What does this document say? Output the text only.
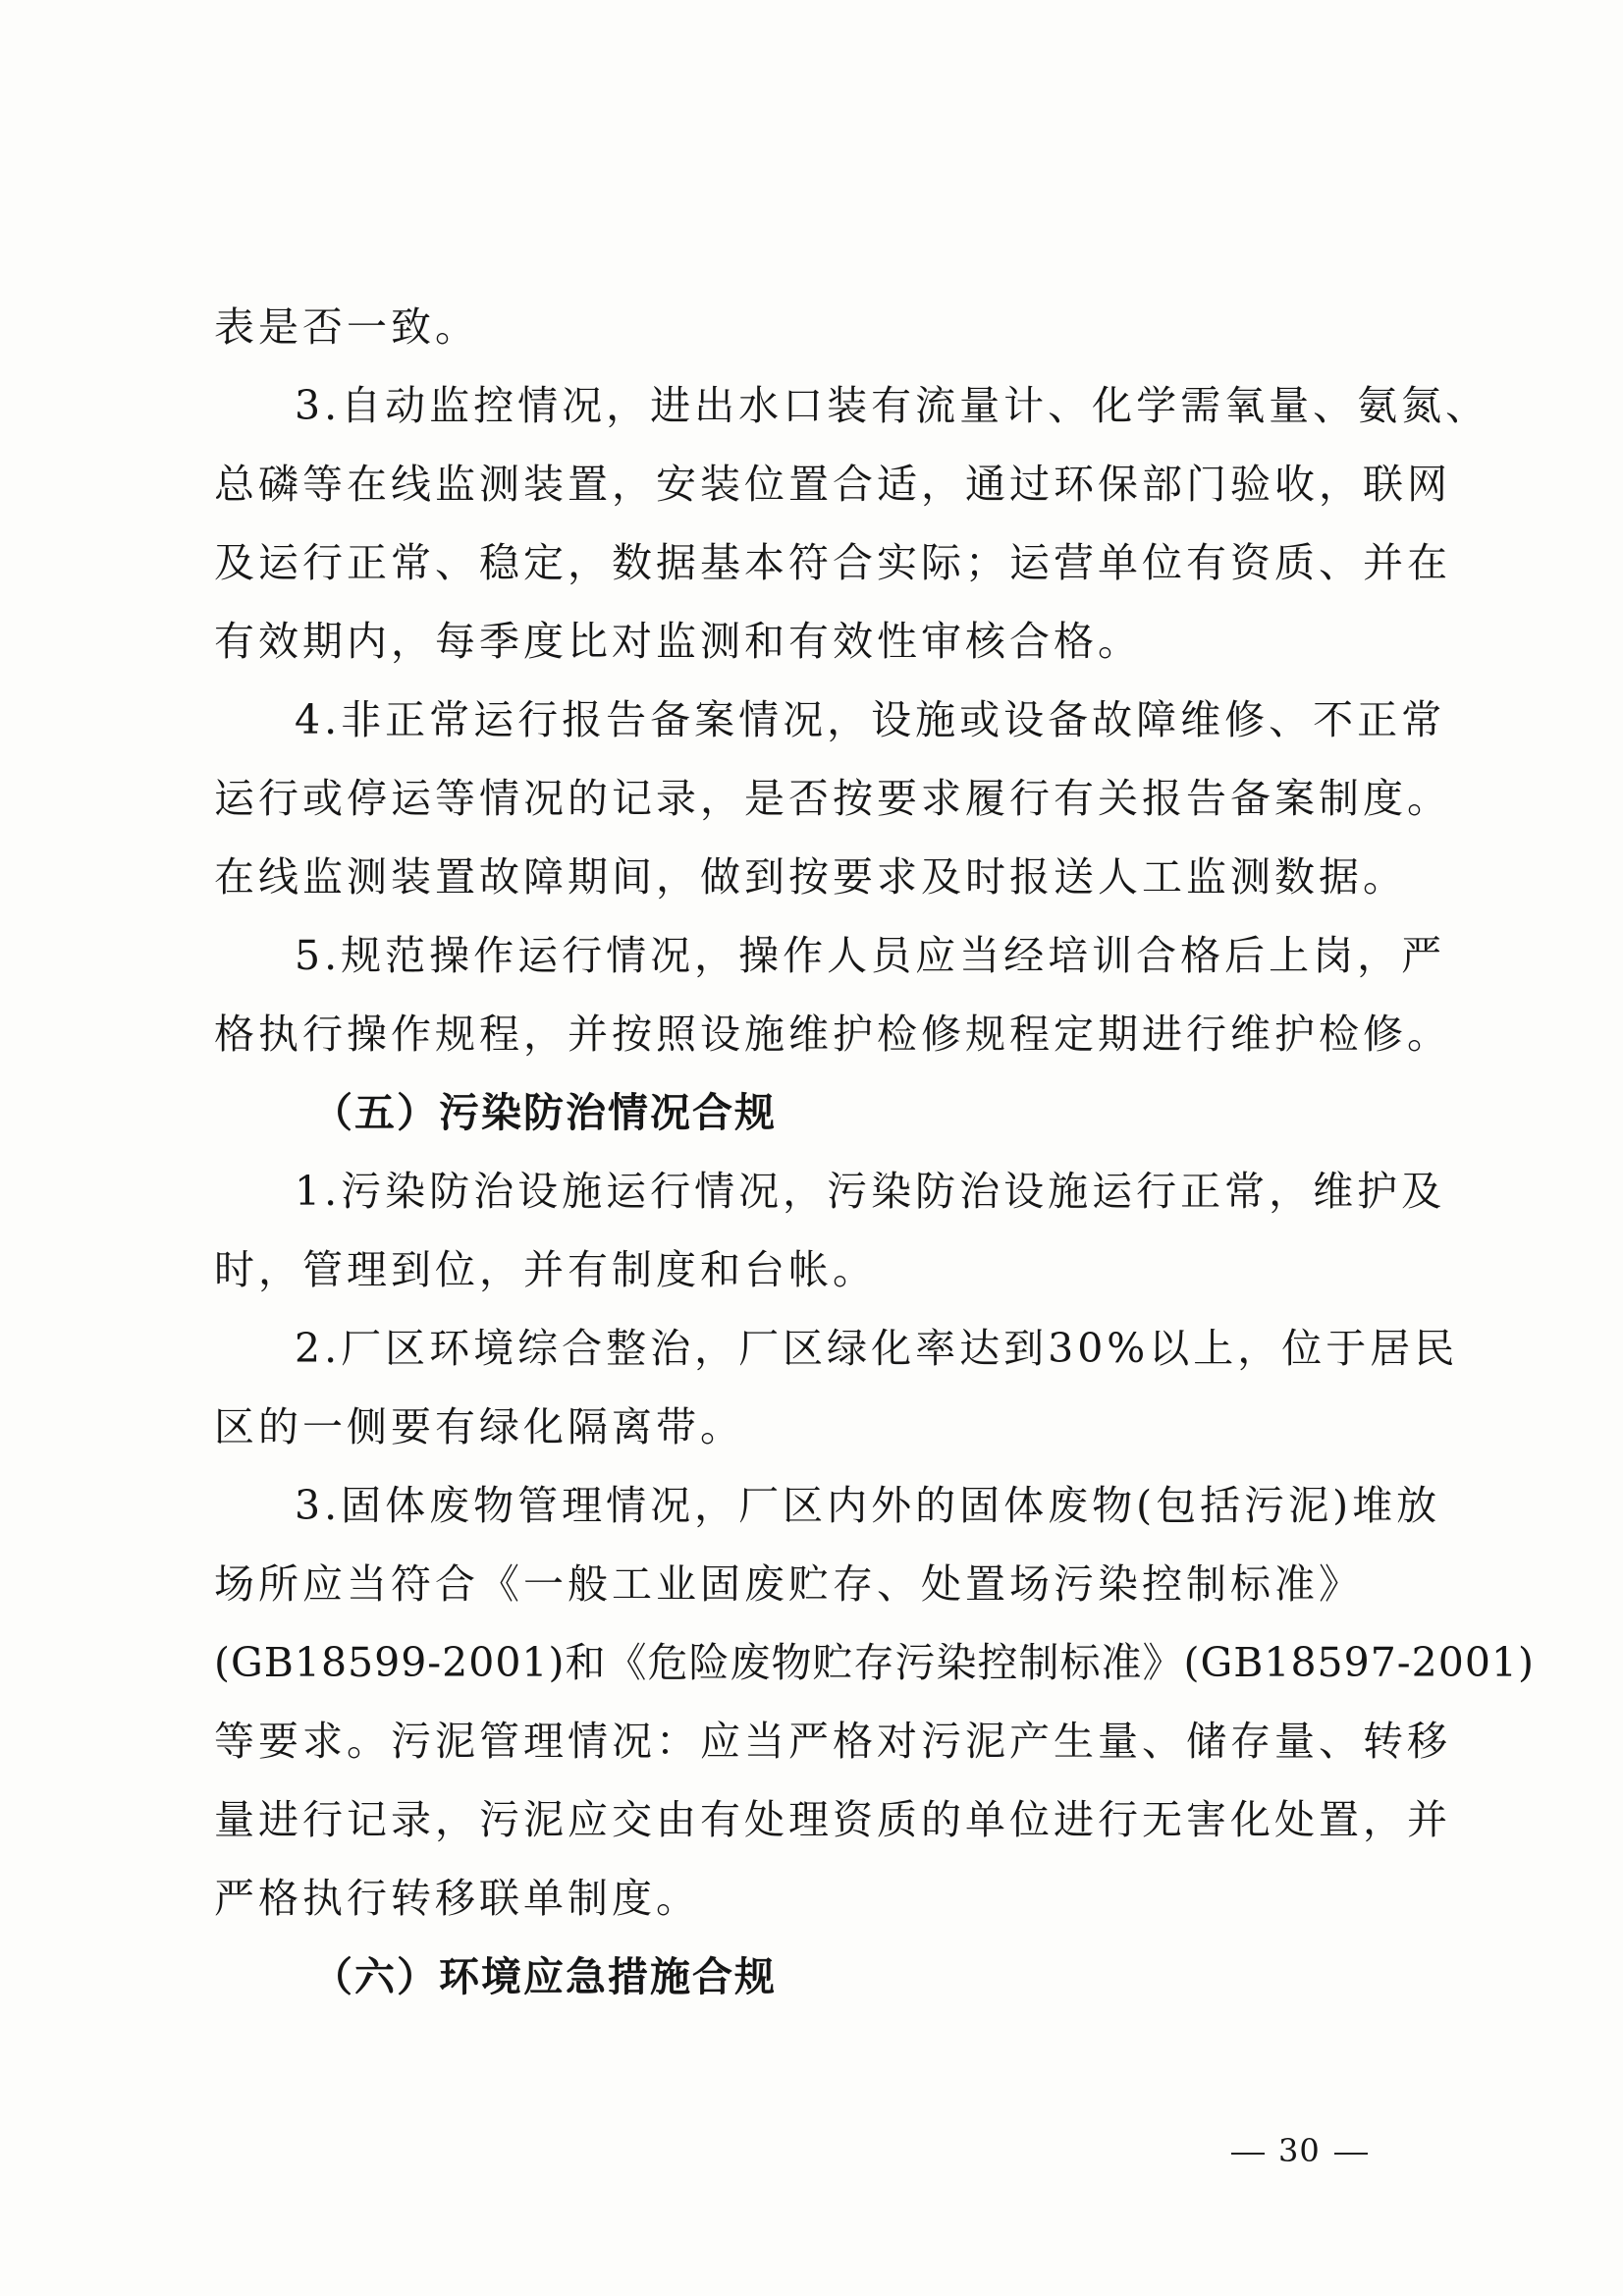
表是否一致。
3.自动监控情况，进出水口装有流量计、化学需氧量、氨氮、
总磷等在线监测装置，安装位置合适，通过环保部门验收，联网
及运行正常、稳定，数据基本符合实际；运营单位有资质、并在
有效期内，每季度比对监测和有效性审核合格。
4.非正常运行报告备案情况，设施或设备故障维修、不正常
运行或停运等情况的记录，是否按要求履行有关报告备案制度。
在线监测装置故障期间，做到按要求及时报送人工监测数据。
5.规范操作运行情况，操作人员应当经培训合格后上岗，严
格执行操作规程，并按照设施维护检修规程定期进行维护检修。
（五）污染防治情况合规
1.污染防治设施运行情况，污染防治设施运行正常，维护及
时，管理到位，并有制度和台帐。
2.厂区环境综合整治，厂区绿化率达到30%以上，位于居民
区的一侧要有绿化隔离带。
3.固体废物管理情况，厂区内外的固体废物(包括污泥)堆放
场所应当符合《一般工业固废贮存、处置场污染控制标准》
(GB18599-2001)和《危险废物贮存污染控制标准》(GB18597-2001)
等要求。污泥管理情况：应当严格对污泥产生量、储存量、转移
量进行记录，污泥应交由有处理资质的单位进行无害化处置，并
严格执行转移联单制度。
（六）环境应急措施合规
30
